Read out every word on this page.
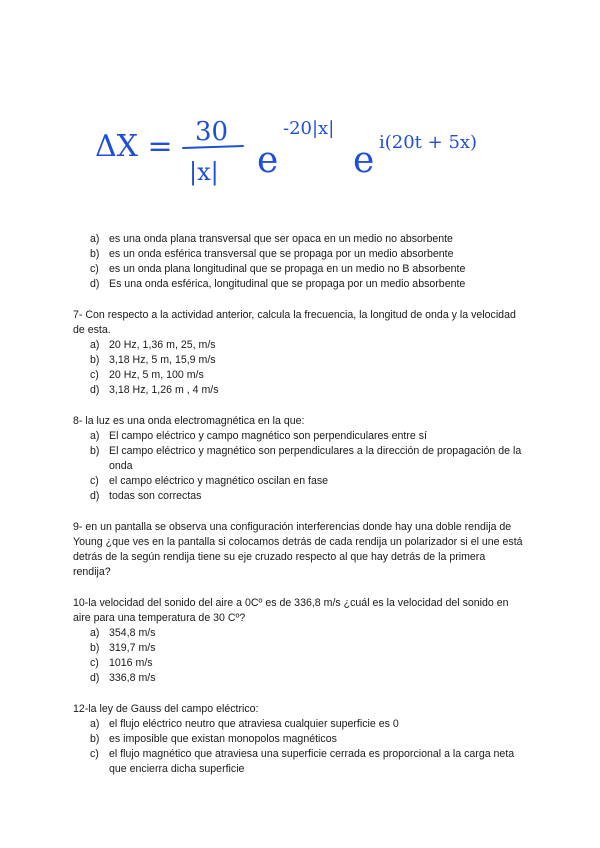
ΔX = 30
|x| e
-20|x|
e i(20t + 5x)
a) es una onda plana transversal que ser opaca en un medio no absorbente
b) es un onda esférica transversal que se propaga por un medio absorbente
c) es un onda plana longitudinal que se propaga en un medio no B absorbente
d) Es una onda esférica, longitudinal que se propaga por un medio absorbente

7- Con respecto a la actividad anterior, calcula la frecuencia, la longitud de onda y la velocidad de esta.

a) 20 Hz, 1,36 m, 25, m/s
b) 3,18 Hz, 5 m, 15,9 m/s
c) 20 Hz, 5 m, 100 m/s
d) 3,18 Hz, 1,26 m , 4 m/s

8- la luz es una onda electromagnética en la que:

a) El campo eléctrico y campo magnético son perpendiculares entre sí
b) El campo eléctrico y magnético son perpendiculares a la dirección de propagación de la onda
c) el campo eléctrico y magnético oscilan en fase
d) todas son correctas

9- en un pantalla se observa una configuración interferencias donde hay una doble rendija de Young ¿que ves en la pantalla si colocamos detrás de cada rendija un polarizador si el une está detrás de la según rendija tiene su eje cruzado respecto al que hay detrás de la primera rendija?

10-la velocidad del sonido del aire a 0Cº es de 336,8 m/s ¿cuál es la velocidad del sonido en aire para una temperatura de 30 Cº?

a) 354,8 m/s
b) 319,7 m/s
c) 1016 m/s
d) 336,8 m/s

12-la ley de Gauss del campo eléctrico:

a) el flujo eléctrico neutro que atraviesa cualquier superficie es 0
b) es imposible que existan monopolos magnéticos
c) el flujo magnético que atraviesa una superficie cerrada es proporcional a la carga neta que encierra dicha superficie
